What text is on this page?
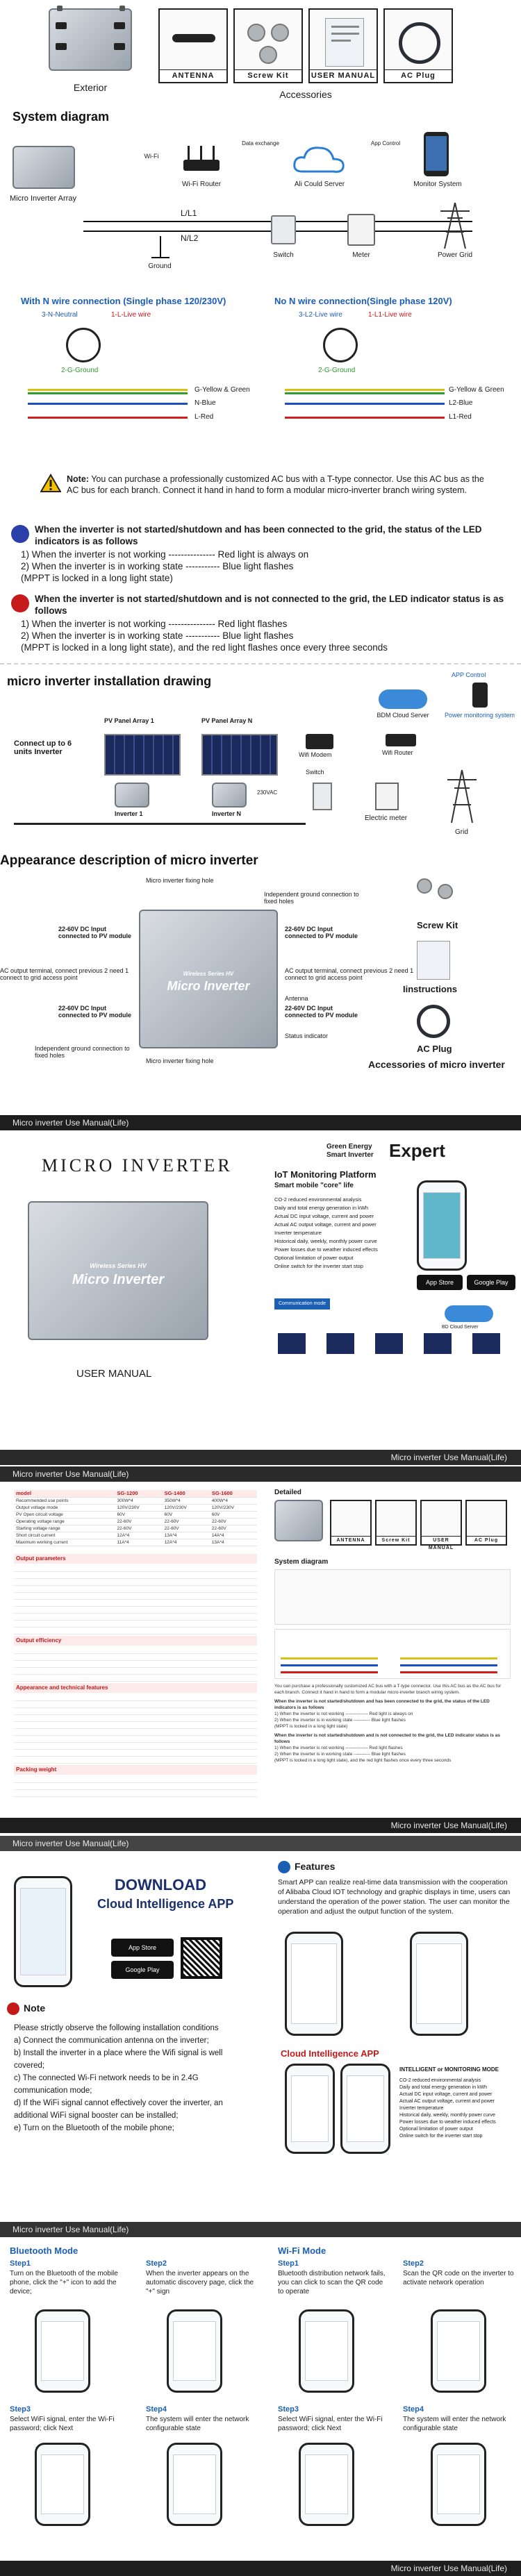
Exterior
ANTENNA	Screw Kit	USER MANUAL	AC Plug
Accessories
System diagram
Micro Inverter Array
Wi-Fi
Wi-Fi Router
Data exchange
Ali Could Server
App Control
Monitor System
L/L1
N/L2
Ground
Switch	Meter	Power Grid
With N wire connection (Single phase 120/230V)	No N wire connection(Single phase 120V)
3-N-Neutral	1-L-Live wire
2-G-Ground
G-Yellow & Green
N-Blue
L-Red
3-L2-Live wire	1-L1-Live wire
2-G-Ground
G-Yellow & Green
L2-Blue
L1-Red
Note: You can purchase a professionally customized AC bus with a T-type connector. Use this AC bus as the AC bus for each branch. Connect it hand in hand to form a modular micro-inverter branch wiring system.
When the inverter is not started/shutdown and has been connected to the grid, the status of the LED indicators is as follows
1) When the inverter is not working --------------- Red light is always on
2) When the inverter is in working state ----------- Blue light flashes
(MPPT is locked in a long light state)
When the inverter is not started/shutdown and is not connected to the grid, the LED indicator status is as follows
1) When the inverter is not working --------------- Red light flashes
2) When the inverter is in working state ----------- Blue light flashes
(MPPT is locked in a long light state), and the red light flashes once every three seconds
micro inverter installation drawing	APP Control
Power monitoring system
BDM Cloud Server
PV Panel Array 1	PV Panel Array N
Connect up to 6 units Inverter
Inverter 1	Inverter N
230VAC
Wifi Modem	Wifi Router
Switch
Electric meter
Grid
Appearance description of micro inverter
Micro inverter fixing hole
Independent ground connection to fixed holes
Wireless Series HV
Micro Inverter
22-60V DC Input connected to PV module
22-60V DC Input connected to PV module
AC output terminal, connect previous 2 need 1 connect to grid access point
AC output terminal, connect previous 2 need 1 connect to grid access point
Antenna
22-60V DC Input connected to PV module
22-60V DC Input connected to PV module
Status indicator
Independent ground connection to fixed holes
Micro inverter fixing hole
Screw Kit
Iinstructions
AC Plug
Accessories of micro inverter
Micro inverter Use Manual(Life)
MICRO INVERTER
Wireless Series HV
Micro Inverter
USER MANUAL
Green Energy
Smart Inverter Expert
IoT Monitoring Platform
Smart mobile "core" life
CO-2 reduced environmental analysis
Daily and total energy generation in kWh
Actual DC input voltage, current and power
Actual AC output voltage, current and power
Inverter temperature
Historical daily, weekly, monthly power curve
Power losses due to weather induced effects
Optional limitation of power output
Online switch for the inverter start stop
App Store	Google Play
Communication mode
BD Cloud Server
Micro inverter Use Manual(Life)
Micro inverter Use Manual(Life)
model	SG-1200	SG-1400	SG-1600
Recommended use points	300W*4	350W*4	400W*4
Output voltage mode	120V/230V	120V/230V	120V/230V
PV Open circuit voltage	60V	60V	60V
Operating voltage range	22-60V	22-60V	22-60V
Starting voltage range	22-60V	22-60V	22-60V
Short circuit current	12A*4	13A*4	14A*4
Maximum working current	11A*4	12A*4	13A*4
Output parameters
Output efficiency
Appearance and technical features
Packing weight
Detailed
ANTENNA	Screw Kit	USER MANUAL
AC Plug
System diagram
You can purchase a professionally customized AC bus with a T-type connector. Use this AC bus as the AC bus for each branch. Connect it hand in hand to form a modular micro-inverter branch wiring system.
When the inverter is not started/shutdown and has been connected to the grid, the status of the LED indicators is as follows
1) When the inverter is not working --------------- Red light is always on
2) When the inverter is in working state ----------- Blue light flashes
(MPPT is locked in a long light state)
When the inverter is not started/shutdown and is not connected to the grid, the LED indicator status is as follows
1) When the inverter is not working --------------- Red light flashes
2) When the inverter is in working state ----------- Blue light flashes
(MPPT is locked in a long light state), and the red light flashes once every three seconds
Micro inverter Use Manual(Life)
Micro inverter Use Manual(Life)
DOWNLOAD
Cloud Intelligence APP
App Store
Google Play
Note
Please strictly observe the following installation conditions
a) Connect the communication antenna on the inverter;
b) Install the inverter in a place where the Wifi signal is well covered;
c) The connected Wi-Fi network needs to be in 2.4G communication mode;
d) If the WiFi signal cannot effectively cover the inverter, an additional WiFi signal booster can be installed;
e) Turn on the Bluetooth of the mobile phone;
Features
Smart APP can realize real-time data transmission with the cooperation of Alibaba Cloud IOT technology and graphic displays in time, users can understand the operation of the power station. The user can monitor the operation and adjust the output function of the system.
Cloud Intelligence APP
INTELLIGENT or MONITORING MODE
CO-2 reduced environmental analysis
Daily and total energy generation in kWh
Actual DC input voltage, current and power
Actual AC output voltage, current and power
Inverter temperature
Historical daily, weekly, monthly power curve
Power losses due to weather induced effects
Optional limitation of power output
Online switch for the inverter start stop
Micro inverter Use Manual(Life)
Bluetooth Mode	Wi-Fi Mode
Step1
Turn on the Bluetooth of the mobile phone, click the "+" icon to add the device;
Step2
When the inverter appears on the automatic discovery page, click the "+" sign
Step1
Bluetooth distribution network fails, you can click to scan the QR code to operate
Step2
Scan the QR code on the inverter to activate network operation
Step3
Select WiFi signal, enter the Wi-Fi password; click Next
Step4
The system will enter the network configurable state
Step3
Select WiFi signal, enter the Wi-Fi password; click Next
Step4
The system will enter the network configurable state
Micro inverter Use Manual(Life)
